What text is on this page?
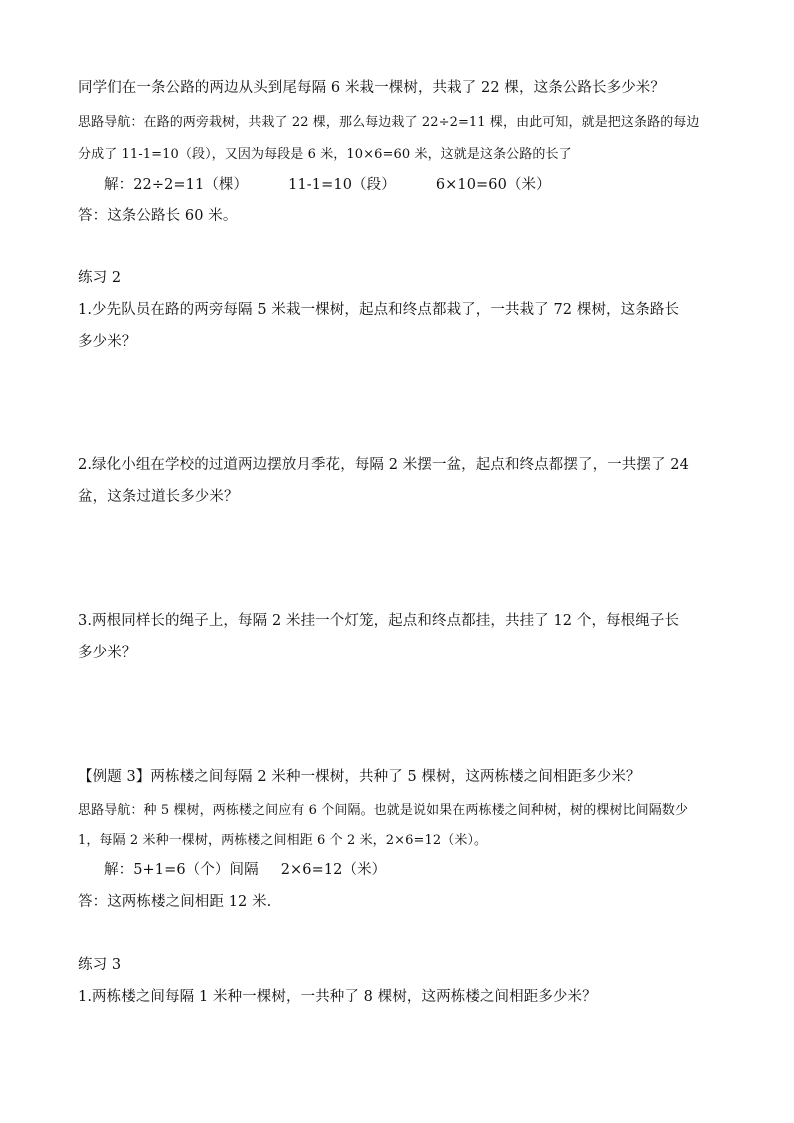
同学们在一条公路的两边从头到尾每隔 6 米栽一棵树，共栽了 22 棵，这条公路长多少米？
思路导航：在路的两旁栽树，共栽了 22 棵，那么每边栽了 22÷2=11 棵，由此可知，就是把这条路的每边
分成了 11-1=10（段），又因为每段是 6 米，10×6=60 米，这就是这条公路的长了
解：22÷2=11（棵）	11-1=10（段）	6×10=60（米）
答：这条公路长 60 米。
练习 2
1.少先队员在路的两旁每隔 5 米栽一棵树，起点和终点都栽了，一共栽了 72 棵树，这条路长
多少米？
2.绿化小组在学校的过道两边摆放月季花，每隔 2 米摆一盆，起点和终点都摆了，一共摆了 24
盆，这条过道长多少米？
3.两根同样长的绳子上，每隔 2 米挂一个灯笼，起点和终点都挂，共挂了 12 个，每根绳子长
多少米？
【例题 3】两栋楼之间每隔 2 米种一棵树，共种了 5 棵树，这两栋楼之间相距多少米？
思路导航：种 5 棵树，两栋楼之间应有 6 个间隔。也就是说如果在两栋楼之间种树，树的棵树比间隔数少
1，每隔 2 米种一棵树，两栋楼之间相距 6 个 2 米，2×6=12（米）。
解：5+1=6（个）间隔 2×6=12（米）
答：这两栋楼之间相距 12 米.
练习 3
1.两栋楼之间每隔 1 米种一棵树，一共种了 8 棵树，这两栋楼之间相距多少米？
